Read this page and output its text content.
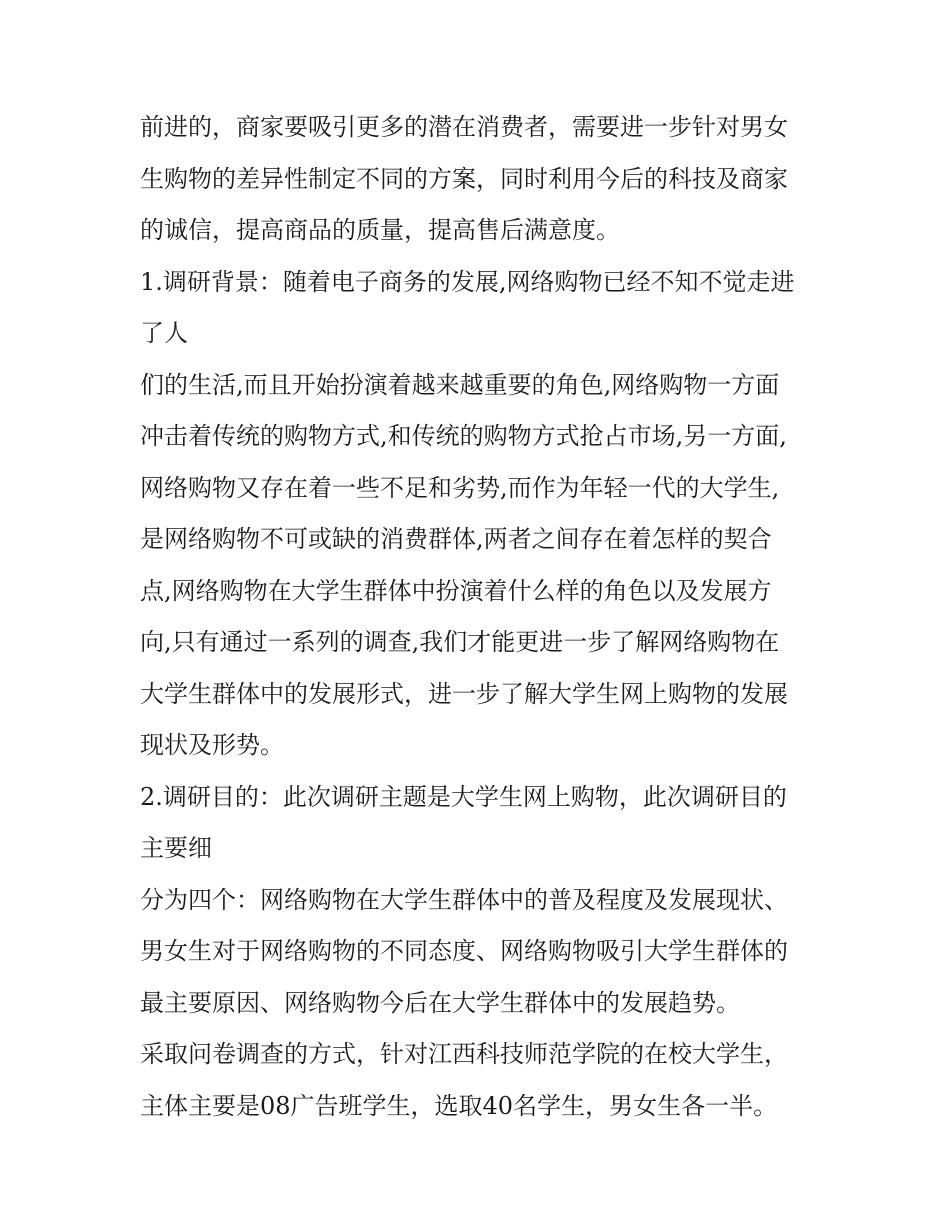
前进的，商家要吸引更多的潜在消费者，需要进一步针对男女
生购物的差异性制定不同的方案，同时利用今后的科技及商家
的诚信，提高商品的质量，提高售后满意度。
1.调研背景：随着电子商务的发展,网络购物已经不知不觉走进
了人
们的生活,而且开始扮演着越来越重要的角色,网络购物一方面
冲击着传统的购物方式,和传统的购物方式抢占市场,另一方面,
网络购物又存在着一些不足和劣势,而作为年轻一代的大学生,
是网络购物不可或缺的消费群体,两者之间存在着怎样的契合
点,网络购物在大学生群体中扮演着什么样的角色以及发展方
向,只有通过一系列的调查,我们才能更进一步了解网络购物在
大学生群体中的发展形式，进一步了解大学生网上购物的发展
现状及形势。
2.调研目的：此次调研主题是大学生网上购物，此次调研目的
主要细
分为四个：网络购物在大学生群体中的普及程度及发展现状、
男女生对于网络购物的不同态度、网络购物吸引大学生群体的
最主要原因、网络购物今后在大学生群体中的发展趋势。
采取问卷调查的方式，针对江西科技师范学院的在校大学生，
主体主要是08广告班学生，选取40名学生，男女生各一半。
